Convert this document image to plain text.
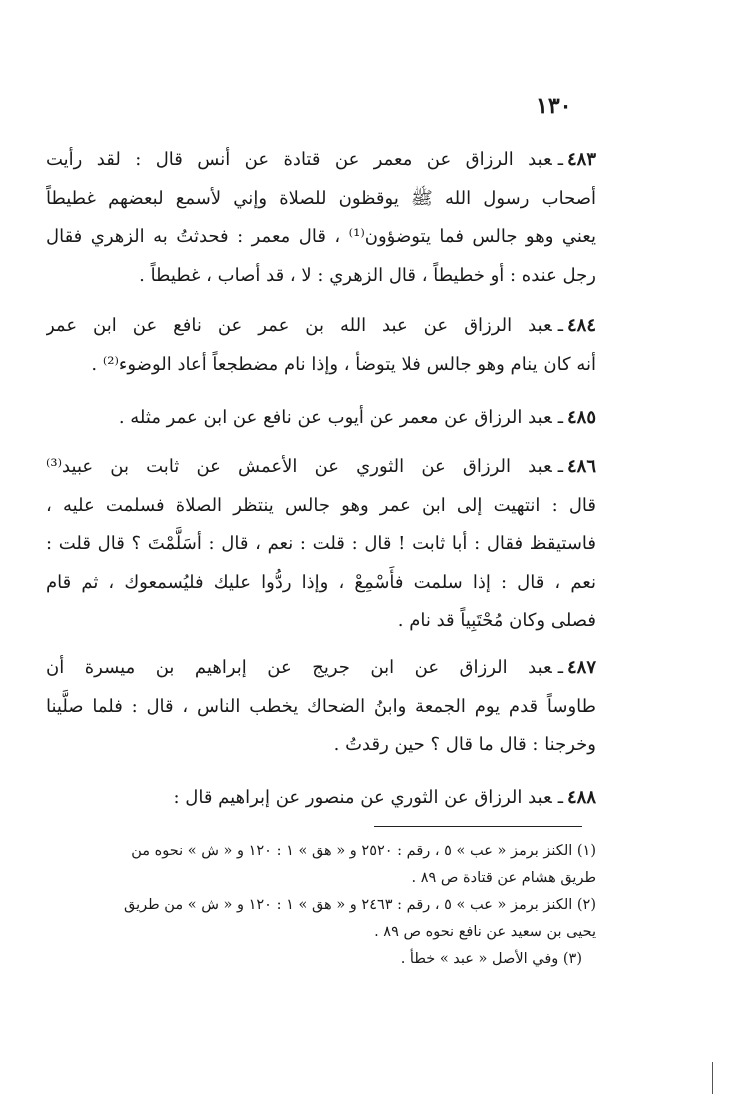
١٣٠
٤٨٣ـعبد الرزاق عن معمر عن قتادة عن أنس قال : لقد رأيت
أصحاب رسول الله ﷺ يوقظون للصلاة وإني لأسمع لبعضهم غطيطاً
يعني وهو جالس فما يتوضؤون⁽¹⁾ ، قال معمر : فحدثتُ به الزهري فقال
رجل عنده : أو خطيطاً ، قال الزهري : لا ، قد أصاب ، غطيطاً .
٤٨٤ـعبد الرزاق عن عبد الله بن عمر عن نافع عن ابن عمر
أنه كان ينام وهو جالس فلا يتوضأ ، وإذا نام مضطجعاً أعاد الوضوء⁽²⁾ .
٤٨٥ـعبد الرزاق عن معمر عن أيوب عن نافع عن ابن عمر مثله .
٤٨٦ـعبد الرزاق عن الثوري عن الأعمش عن ثابت بن عبيد⁽³⁾
قال : انتهيت إلى ابن عمر وهو جالس ينتظر الصلاة فسلمت عليه ،
فاستيقظ فقال : أبا ثابت ! قال : قلت : نعم ، قال : أسَلَّمْتَ ؟ قال قلت :
نعم ، قال : إذا سلمت فأَسْمِعْ ، وإذا ردُّوا عليك فليُسمعوك ، ثم قام
فصلى وكان مُحْتَبِياً قد نام .
٤٨٧ـعبد الرزاق عن ابن جريج عن إبراهيم بن ميسرة أن
طاوساً قدم يوم الجمعة وابنُ الضحاك يخطب الناس ، قال : فلما صلَّينا
وخرجنا : قال ما قال ؟ حين رقدتُ .
٤٨٨ـعبد الرزاق عن الثوري عن منصور عن إبراهيم قال :
(١) الكنز برمز « عب » ٥ ، رقم : ٢٥٢٠ و « هق » ١ : ١٢٠ و « ش » نحوه من
طريق هشام عن قتادة ص ٨٩ .
(٢) الكنز برمز « عب » ٥ ، رقم : ٢٤٦٣ و « هق » ١ : ١٢٠ و « ش » من طريق
يحيى بن سعيد عن نافع نحوه ص ٨٩ .
(٣) وفي الأصل « عبد » خطأ .
